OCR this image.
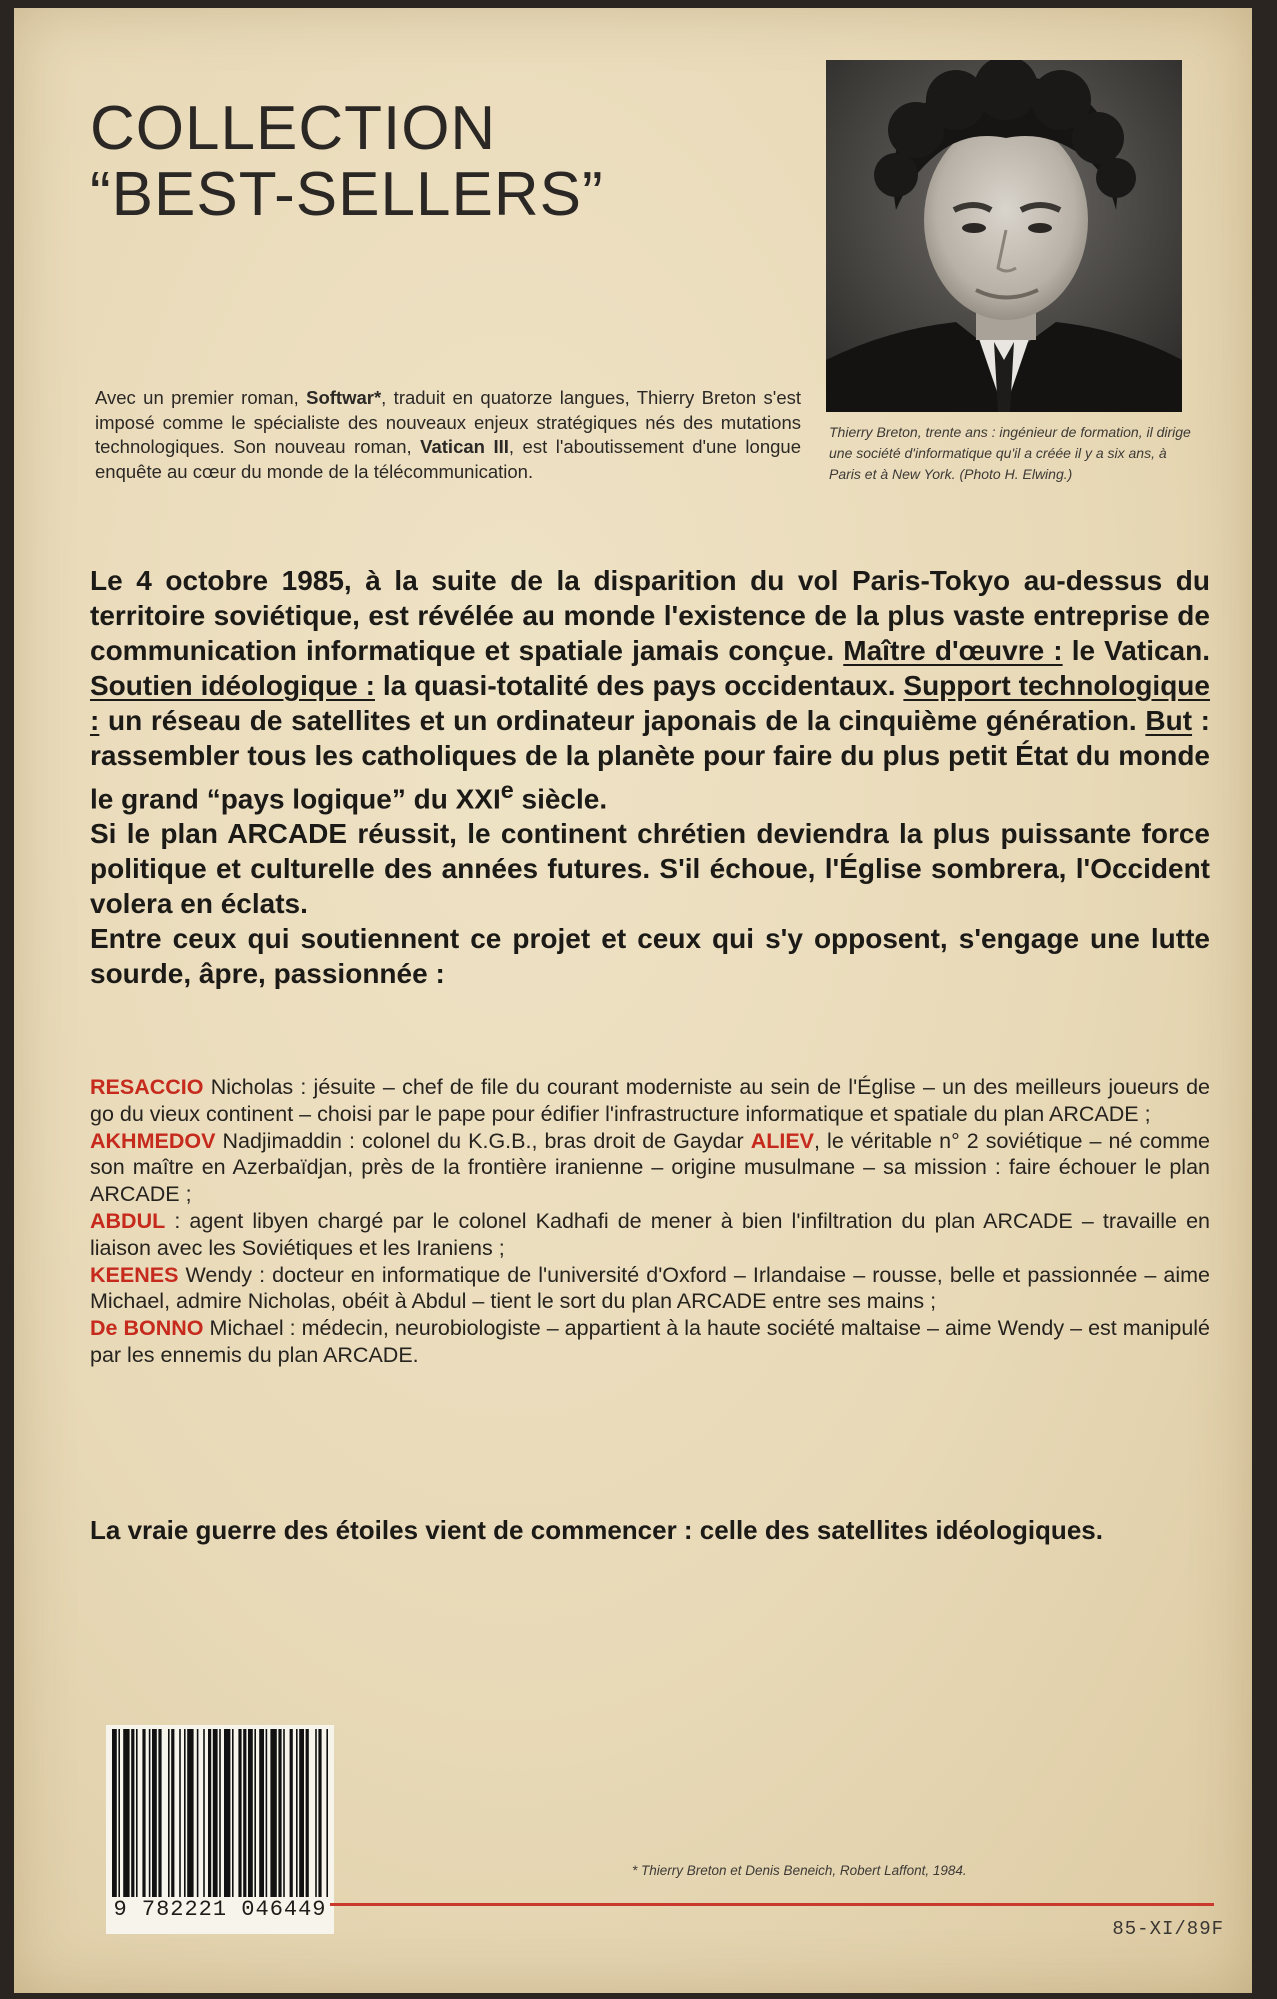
COLLECTION
“BEST-SELLERS”
Thierry Breton, trente ans : ingénieur de formation, il dirige une société d'informatique qu'il a créée il y a six ans, à Paris et à New York. (Photo H. Elwing.)
Avec un premier roman, Softwar*, traduit en quatorze langues, Thierry Breton s'est imposé comme le spécialiste des nouveaux enjeux stratégiques nés des mutations technologiques. Son nouveau roman, Vatican III, est l'aboutissement d'une longue enquête au cœur du monde de la télécommunication.

Le 4 octobre 1985, à la suite de la disparition du vol Paris-Tokyo au-dessus du territoire soviétique, est révélée au monde l'existence de la plus vaste entreprise de communication informatique et spatiale jamais conçue. Maître d'œuvre : le Vatican. Soutien idéologique : la quasi-totalité des pays occidentaux. Support technologique : un réseau de satellites et un ordinateur japonais de la cinquième génération. But : rassembler tous les catholiques de la planète pour faire du plus petit État du monde le grand “pays logique” du XXIe siècle.

Si le plan ARCADE réussit, le continent chrétien deviendra la plus puissante force politique et culturelle des années futures. S'il échoue, l'Église sombrera, l'Occident volera en éclats.

Entre ceux qui soutiennent ce projet et ceux qui s'y opposent, s'engage une lutte sourde, âpre, passionnée :

RESACCIO Nicholas : jésuite – chef de file du courant moderniste au sein de l'Église – un des meilleurs joueurs de go du vieux continent – choisi par le pape pour édifier l'infrastructure informatique et spatiale du plan ARCADE ;

AKHMEDOV Nadjimaddin : colonel du K.G.B., bras droit de Gaydar ALIEV, le véritable n° 2 soviétique – né comme son maître en Azerbaïdjan, près de la frontière iranienne – origine musulmane – sa mission : faire échouer le plan ARCADE ;

ABDUL : agent libyen chargé par le colonel Kadhafi de mener à bien l'infiltration du plan ARCADE – travaille en liaison avec les Soviétiques et les Iraniens ;

KEENES Wendy : docteur en informatique de l'université d'Oxford – Irlandaise – rousse, belle et passionnée – aime Michael, admire Nicholas, obéit à Abdul – tient le sort du plan ARCADE entre ses mains ;

De BONNO Michael : médecin, neurobiologiste – appartient à la haute société maltaise – aime Wendy – est manipulé par les ennemis du plan ARCADE.

La vraie guerre des étoiles vient de commencer : celle des satellites idéologiques.
9 782221 046449
* Thierry Breton et Denis Beneich, Robert Laffont, 1984.
85-XI/89F
